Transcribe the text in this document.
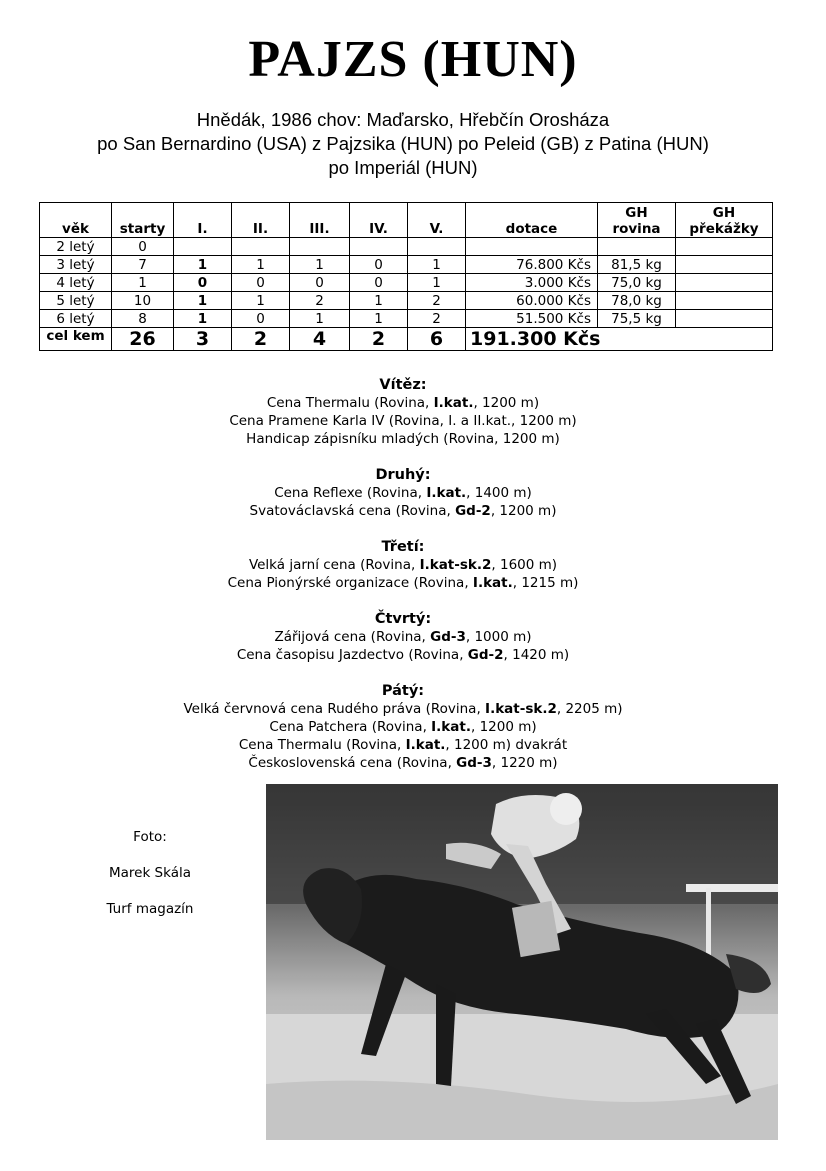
PAJZS (HUN)
Hnědák, 1986 chov: Maďarsko, Hřebčín Orosháza
po San Bernardino (USA) z Pajzsika (HUN) po Peleid (GB) z Patina (HUN)
po Imperiál (HUN)
věk	starty	I.	II.	III.	IV.	V.	dotace	GH rovina	GH překážky
2 letý	0								
3 letý	7	1	1	1	0	1	76.800 Kčs	81,5 kg	
4 letý	1	0	0	0	0	1	3.000 Kčs	75,0 kg	
5 letý	10	1	1	2	1	2	60.000 Kčs	78,0 kg	
6 letý	8	1	0	1	1	2	51.500 Kčs	75,5 kg	
cel kem	26	3	2	4	2	6	191.300 Kčs		
Vítěz:

Cena Thermalu (Rovina, I.kat., 1200 m)

Cena Pramene Karla IV (Rovina, I. a II.kat., 1200 m)

Handicap zápisníku mladých (Rovina, 1200 m)

Druhý:

Cena Reflexe (Rovina, I.kat., 1400 m)

Svatováclavská cena (Rovina, Gd-2, 1200 m)

Třetí:

Velká jarní cena (Rovina, I.kat-sk.2, 1600 m)

Cena Pionýrské organizace (Rovina, I.kat., 1215 m)

Čtvrtý:

Zářijová cena (Rovina, Gd-3, 1000 m)

Cena časopisu Jazdectvo (Rovina, Gd-2, 1420 m)

Pátý:

Velká červnová cena Rudého práva (Rovina, I.kat-sk.2, 2205 m)

Cena Patchera (Rovina, I.kat., 1200 m)

Cena Thermalu (Rovina, I.kat., 1200 m) dvakrát

Československá cena (Rovina, Gd-3, 1220 m)

Foto:

Marek Skála

Turf magazín
